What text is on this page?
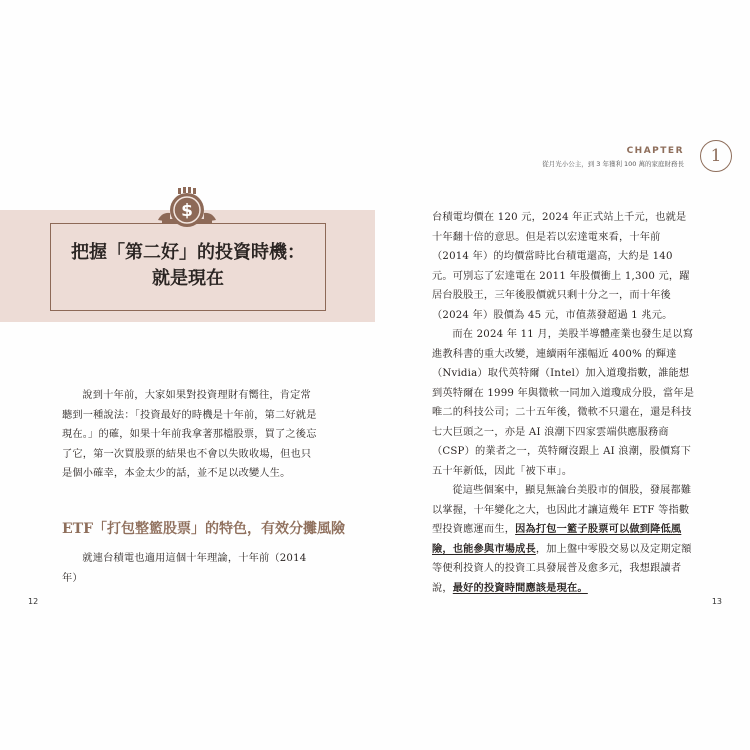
CHAPTER
從月光小公主，到 3 年獲利 100 萬的家庭財務長	1
把握「第二好」的投資時機：
就是現在
$

說到十年前，大家如果對投資理財有嚮往，肯定常聽到一種說法：「投資最好的時機是十年前，第二好就是現在。」的確，如果十年前我拿著那檔股票，買了之後忘了它，第一次買股票的結果也不會以失敗收場，但也只是個小確幸，本金太少的話，並不足以改變人生。

ETF「打包整籃股票」的特色，有效分攤風險

就連台積電也適用這個十年理論，十年前（2014 年）

台積電均價在 120 元，2024 年正式站上千元，也就是十年翻十倍的意思。但是若以宏達電來看，十年前（2014 年）的均價當時比台積電還高，大約是 140 元。可別忘了宏達電在 2011 年股價衝上 1,300 元，躍居台股股王，三年後股價就只剩十分之一，而十年後（2024 年）股價為 45 元，市值蒸發超過 1 兆元。

而在 2024 年 11 月，美股半導體產業也發生足以寫進教科書的重大改變，連續兩年漲幅近 400% 的輝達（Nvidia）取代英特爾（Intel）加入道瓊指數，誰能想到英特爾在 1999 年與微軟一同加入道瓊成分股，當年是唯二的科技公司；二十五年後，微軟不只還在，還是科技七大巨頭之一，亦是 AI 浪潮下四家雲端供應服務商（CSP）的業者之一，英特爾沒跟上 AI 浪潮，股價寫下五十年新低，因此「被下車」。

從這些個案中，顯見無論台美股市的個股，發展都難以掌握，十年變化之大，也因此才讓這幾年 ETF 等指數型投資應運而生，因為打包一籃子股票可以做到降低風險，也能參與市場成長，加上盤中零股交易以及定期定額等便利投資人的投資工具發展普及愈多元，我想跟讀者說，最好的投資時間應該是現在。

12	13
